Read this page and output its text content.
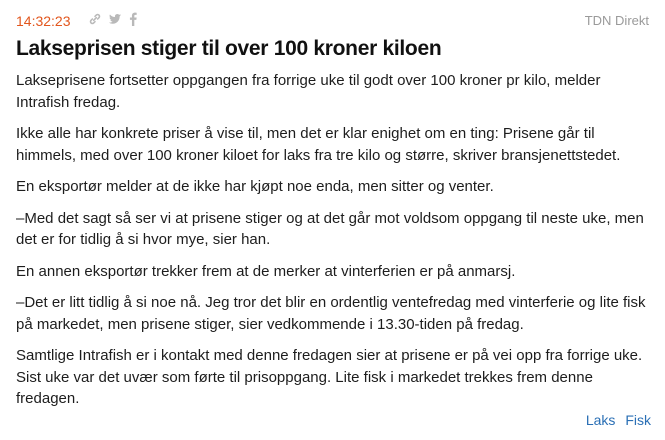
14:32:23	TDN Direkt
Lakseprisen stiger til over 100 kroner kiloen

Lakseprisene fortsetter oppgangen fra forrige uke til godt over 100 kroner pr kilo, melder Intrafish fredag.

Ikke alle har konkrete priser å vise til, men det er klar enighet om en ting: Prisene går til himmels, med over 100 kroner kiloet for laks fra tre kilo og større, skriver bransjenettstedet.

En eksportør melder at de ikke har kjøpt noe enda, men sitter og venter.

–Med det sagt så ser vi at prisene stiger og at det går mot voldsom oppgang til neste uke, men det er for tidlig å si hvor mye, sier han.

En annen eksportør trekker frem at de merker at vinterferien er på anmarsj.

–Det er litt tidlig å si noe nå. Jeg tror det blir en ordentlig ventefredag med vinterferie og lite fisk på markedet, men prisene stiger, sier vedkommende i 13.30-tiden på fredag.

Samtlige Intrafish er i kontakt med denne fredagen sier at prisene er på vei opp fra forrige uke. Sist uke var det uvær som førte til prisoppgang. Lite fisk i markedet trekkes frem denne fredagen.

Laks Fisk
